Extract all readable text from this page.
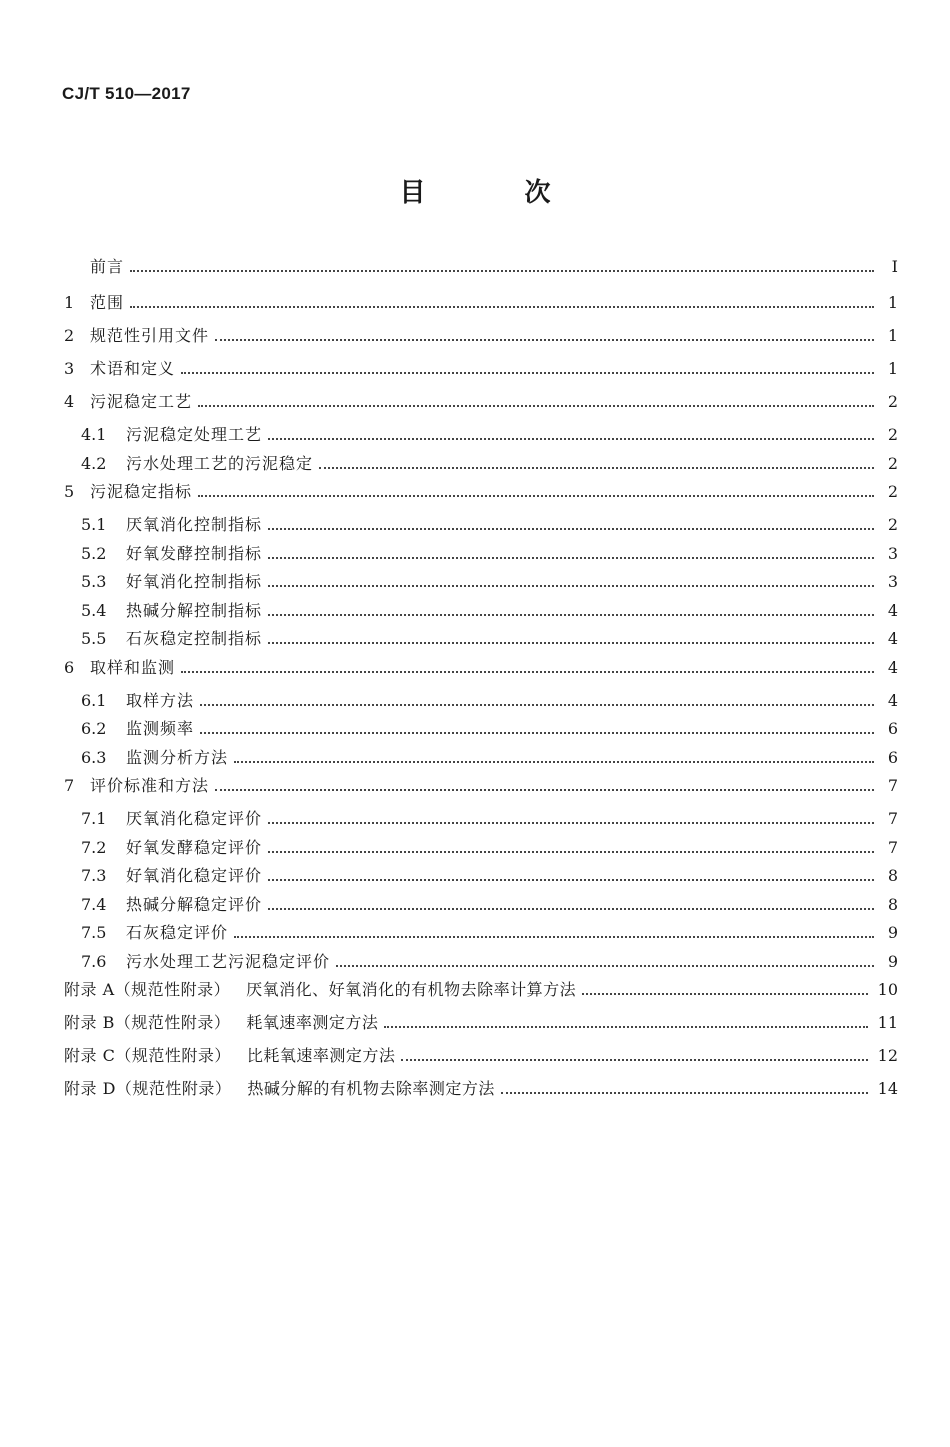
CJ/T 510—2017
目 次
前言	Ⅰ
1 范围	1
2 规范性引用文件	1
3 术语和定义	1
4 污泥稳定工艺	2
4.1	污泥稳定处理工艺	2
4.2	污水处理工艺的污泥稳定	2
5 污泥稳定指标	2
5.1	厌氧消化控制指标	2
5.2	好氧发酵控制指标	3
5.3	好氧消化控制指标	3
5.4	热碱分解控制指标	4
5.5	石灰稳定控制指标	4
6 取样和监测	4
6.1	取样方法	4
6.2	监测频率	6
6.3	监测分析方法	6
7 评价标准和方法	7
7.1	厌氧消化稳定评价	7
7.2	好氧发酵稳定评价	7
7.3	好氧消化稳定评价	8
7.4	热碱分解稳定评价	8
7.5	石灰稳定评价	9
7.6	污水处理工艺污泥稳定评价	9
附录 A（规范性附录） 厌氧消化、好氧消化的有机物去除率计算方法	10
附录 B（规范性附录） 耗氧速率测定方法	11
附录 C（规范性附录） 比耗氧速率测定方法	12
附录 D（规范性附录） 热碱分解的有机物去除率测定方法	14
